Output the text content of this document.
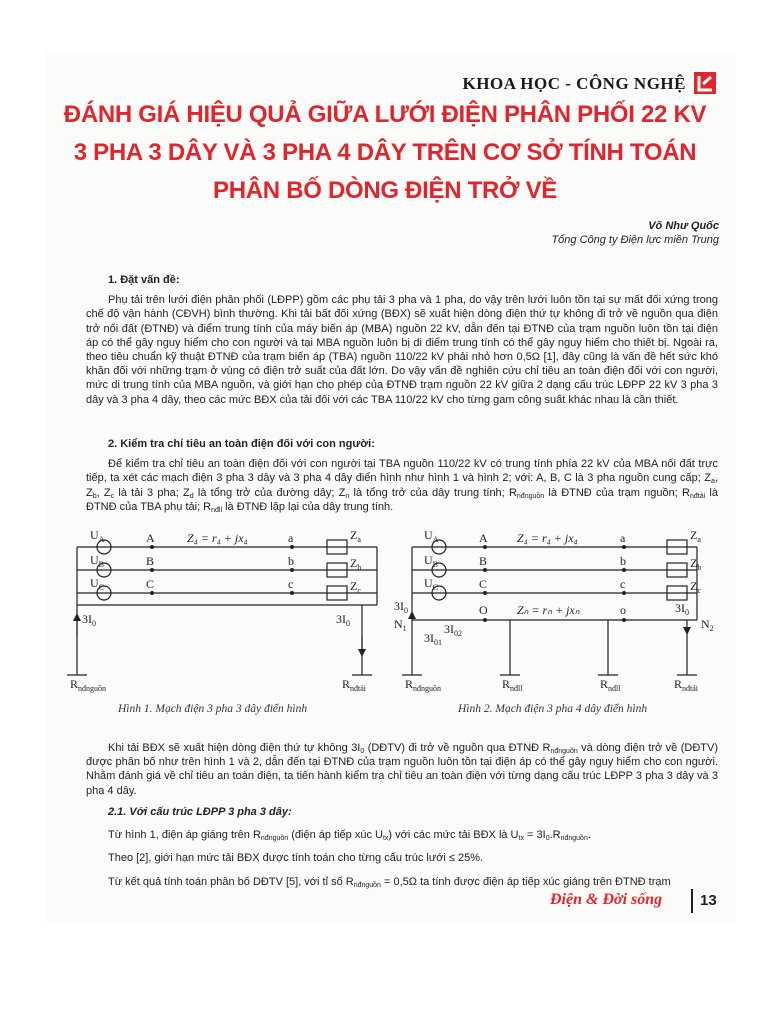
KHOA HỌC - CÔNG NGHỆ
ĐÁNH GIÁ HIỆU QUẢ GIỮA LƯỚI ĐIỆN PHÂN PHỐI 22 KV
3 PHA 3 DÂY VÀ 3 PHA 4 DÂY TRÊN CƠ SỞ TÍNH TOÁN
PHÂN BỐ DÒNG ĐIỆN TRỞ VỀ
Võ Như Quốc
Tổng Công ty Điện lực miền Trung
1. Đặt vấn đề:
Phụ tải trên lưới điện phân phối (LĐPP) gồm các phụ tải 3 pha và 1 pha, do vậy trên lưới luôn tồn tại sự mất đối xứng trong chế độ vận hành (CĐVH) bình thường. Khi tải bất đối xứng (BĐX) sẽ xuất hiện dòng điện thứ tự không đi trở về nguồn qua điện trở nối đất (ĐTNĐ) và điểm trung tính của máy biến áp (MBA) nguồn 22 kV, dẫn đến tại ĐTNĐ của trạm nguồn luôn tồn tại điện áp có thể gây nguy hiểm cho con người và tại MBA nguồn luôn bị di điểm trung tính có thể gây nguy hiểm cho thiết bị. Ngoài ra, theo tiêu chuẩn kỹ thuật ĐTNĐ của trạm biến áp (TBA) nguồn 110/22 kV phải nhỏ hơn 0,5Ω [1], đây cũng là vấn đề hết sức khó khăn đối với những trạm ở vùng có điện trở suất của đất lớn. Do vậy vấn đề nghiên cứu chỉ tiêu an toàn điện đối với con người, mức di trung tính của MBA nguồn, và giới hạn cho phép của ĐTNĐ trạm nguồn 22 kV giữa 2 dạng cấu trúc LĐPP 22 kV 3 pha 3 dây và 3 pha 4 dây, theo các mức BĐX của tải đối với các TBA 110/22 kV cho từng gam công suất khác nhau là cần thiết.
2. Kiểm tra chỉ tiêu an toàn điện đối với con người:
Để kiểm tra chỉ tiêu an toàn điện đối với con người tại TBA nguồn 110/22 kV có trung tính phía 22 kV của MBA nối đất trực tiếp, ta xét các mạch điện 3 pha 3 dây và 3 pha 4 dây điển hình như hình 1 và hình 2; với: A, B, C là 3 pha nguồn cung cấp; $Z_a$, $Z_b$, $Z_c$ là tải 3 pha; $Z_d$ là tổng trở của đường dây; $Z_n$ là tổng trở của dây trung tính; $R_{nđnguồn}$ là ĐTNĐ của trạm nguồn; $R_{nđtải}$ là ĐTNĐ của TBA phụ tải; $R_{nđll}$ là ĐTNĐ lặp lại của dây trung tính.
$U_A$
$U_B$
$U_C$
A
B
C
a
b
c
Z₄ = r₄ + jx₄	$Z_a$
$Z_b$
$Z_c$
$3I_0$	$3I_0$
$R_{nđnguồn}$	$R_{nđtải}$
Hình 1. Mạch điện 3 pha 3 dây điển hình
$U_A$
$U_B$
$U_C$
A
B
C
O
a
b
c
o
Z₄ = r₄ + jx₄
Zₙ = rₙ + jxₙ
$Z_a$
$Z_b$
$Z_c$
$3I_0$	$3I_0$
$N_1$	$N_2$
$3I_{01}$
$3I_{02}$
$R_{nđnguồn}$	$R_{nđll}$	$R_{nđll}$	$R_{nđtải}$
Hình 2. Mạch điện 3 pha 4 dây điển hình
Khi tải BĐX sẽ xuất hiện dòng điện thứ tự không $3I_0$ (DĐTV) đi trở về nguồn qua ĐTNĐ $R_{nđnguồn}$ và dòng điện trở về (DĐTV) được phân bố như trên hình 1 và 2, dẫn đến tại ĐTNĐ của trạm nguồn luôn tồn tại điện áp có thể gây nguy hiểm cho con người. Nhằm đánh giá về chỉ tiêu an toàn điện, ta tiến hành kiểm tra chỉ tiêu an toàn điện với từng dạng cấu trúc LĐPP 3 pha 3 dây và 3 pha 4 dây.
2.1. Với cấu trúc LĐPP 3 pha 3 dây:
Từ hình 1, điện áp giáng trên $R_{nđnguồn}$ (điện áp tiếp xúc $U_{tx}$) với các mức tải BĐX là $U_{tx} = 3I_0.R_{nđnguồn}$.
Theo [2], giới hạn mức tải BĐX được tính toán cho từng cấu trúc lưới ≤ 25%.
Từ kết quả tính toán phân bố DĐTV [5], với tỉ số $R_{nđnguồn} = 0,5\Omega$ ta tính được điện áp tiếp xúc giáng trên ĐTNĐ trạm
Điện & Đời sống	13
